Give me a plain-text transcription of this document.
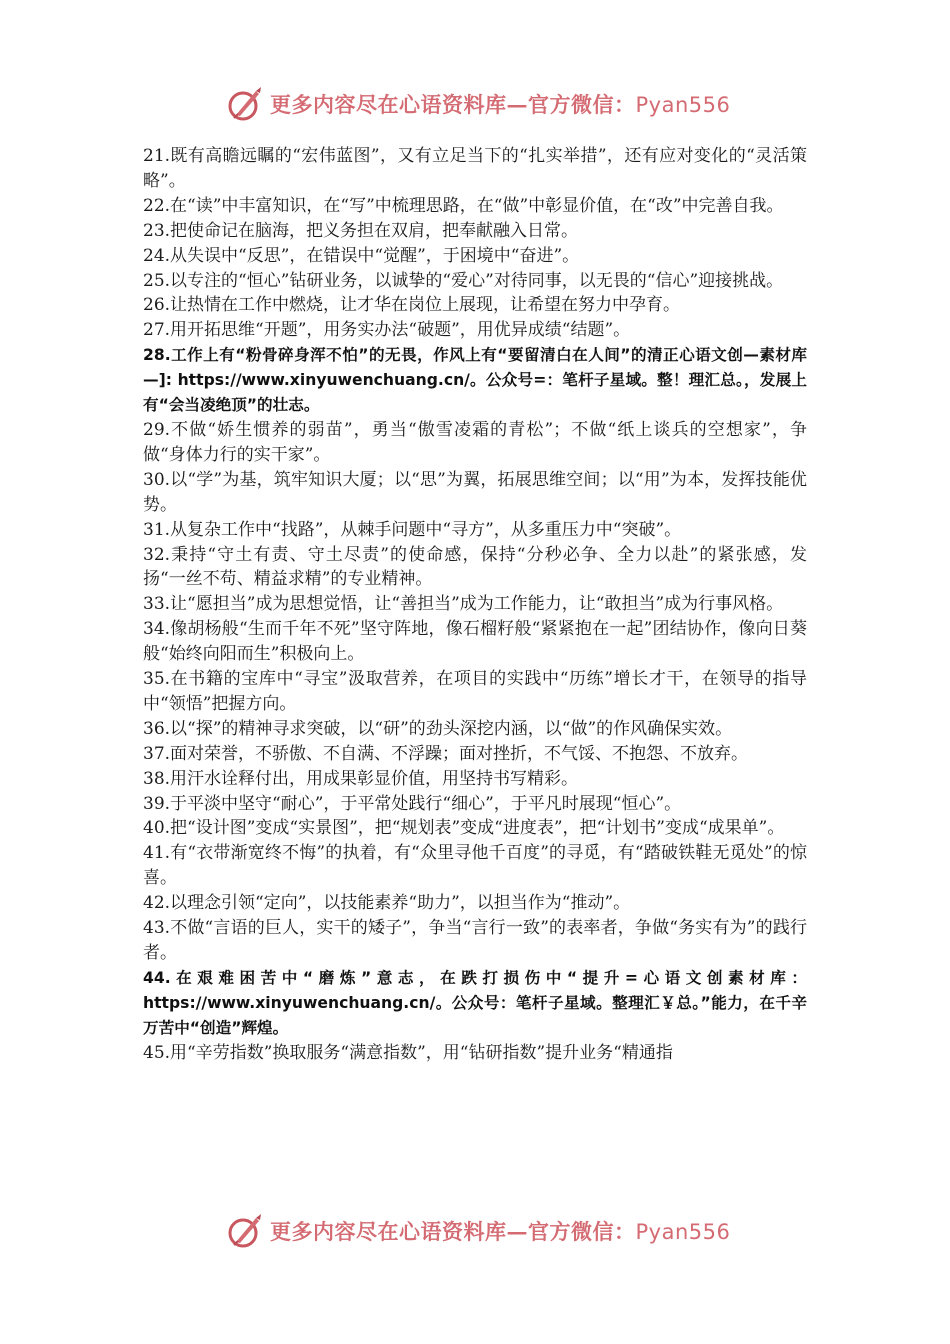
更多内容尽在心语资料库—官方微信：Pyan556

21.既有高瞻远瞩的“宏伟蓝图”，又有立足当下的“扎实举措”，还有应对变化的“灵活策略”。

22.在“读”中丰富知识，在“写”中梳理思路，在“做”中彰显价值，在“改”中完善自我。

23.把使命记在脑海，把义务担在双肩，把奉献融入日常。

24.从失误中“反思”，在错误中“觉醒”，于困境中“奋进”。

25.以专注的“恒心”钻研业务，以诚挚的“爱心”对待同事，以无畏的“信心”迎接挑战。

26.让热情在工作中燃烧，让才华在岗位上展现，让希望在努力中孕育。

27.用开拓思维“开题”，用务实办法“破题”，用优异成绩“结题”。

28.工作上有“粉骨碎身浑不怕”的无畏，作风上有“要留清白在人间”的清正心语文创—素材库—]: https://www.xinyuwenchuang.cn/。公众号=：笔杆子星域。整！理汇总。，发展上有“会当凌绝顶”的壮志。

29.不做“娇生惯养的弱苗”，勇当“傲雪凌霜的青松”；不做“纸上谈兵的空想家”，争做“身体力行的实干家”。

30.以“学”为基，筑牢知识大厦；以“思”为翼，拓展思维空间；以“用”为本，发挥技能优势。

31.从复杂工作中“找路”，从棘手问题中“寻方”，从多重压力中“突破”。

32.秉持“守土有责、守土尽责”的使命感，保持“分秒必争、全力以赴”的紧张感，发扬“一丝不苟、精益求精”的专业精神。

33.让“愿担当”成为思想觉悟，让“善担当”成为工作能力，让“敢担当”成为行事风格。

34.像胡杨般“生而千年不死”坚守阵地，像石榴籽般“紧紧抱在一起”团结协作，像向日葵般“始终向阳而生”积极向上。

35.在书籍的宝库中“寻宝”汲取营养，在项目的实践中“历练”增长才干，在领导的指导中“领悟”把握方向。

36.以“探”的精神寻求突破，以“研”的劲头深挖内涵，以“做”的作风确保实效。

37.面对荣誉，不骄傲、不自满、不浮躁；面对挫折，不气馁、不抱怨、不放弃。

38.用汗水诠释付出，用成果彰显价值，用坚持书写精彩。

39.于平淡中坚守“耐心”，于平常处践行“细心”，于平凡时展现“恒心”。

40.把“设计图”变成“实景图”，把“规划表”变成“进度表”，把“计划书”变成“成果单”。

41.有“衣带渐宽终不悔”的执着，有“众里寻他千百度”的寻觅，有“踏破铁鞋无觅处”的惊喜。

42.以理念引领“定向”，以技能素养“助力”，以担当作为“推动”。

43.不做“言语的巨人，实干的矮子”，争当“言行一致”的表率者，争做“务实有为”的践行者。

44.在艰难困苦中“磨炼”意志，在跌打损伤中“提升=心语文创素材库：https://www.xinyuwenchuang.cn/。公众号：笔杆子星域。整理汇￥总。”能力，在千辛万苦中“创造”辉煌。

45.用“辛劳指数”换取服务“满意指数”，用“钻研指数”提升业务“精通指

更多内容尽在心语资料库—官方微信：Pyan556
